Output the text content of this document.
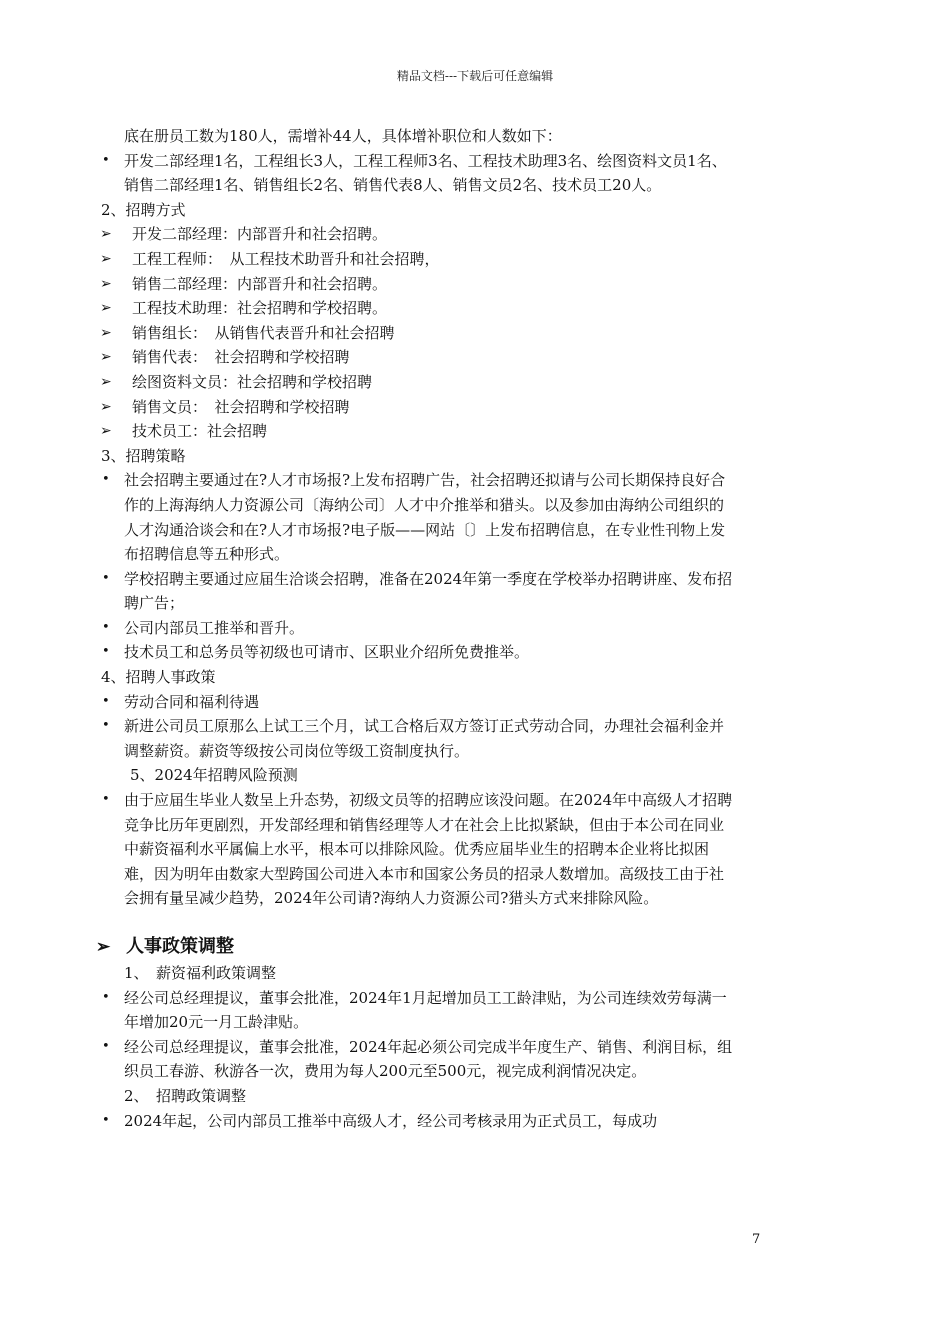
精品文档---下载后可任意编辑
底在册员工数为180人，需增补44人，具体增补职位和人数如下：
• 开发二部经理1名，工程组长3人，工程工程师3名、工程技术助理3名、绘图资料文员1名、销售二部经理1名、销售组长2名、销售代表8人、销售文员2名、技术员工20人。
2、招聘方式
➢	开发二部经理：内部晋升和社会招聘。
➢	工程工程师：　从工程技术助晋升和社会招聘，
➢	销售二部经理：内部晋升和社会招聘。
➢	工程技术助理：社会招聘和学校招聘。
➢	销售组长：　从销售代表晋升和社会招聘
➢	销售代表：　社会招聘和学校招聘
➢	绘图资料文员：社会招聘和学校招聘
➢	销售文员：　社会招聘和学校招聘
➢	技术员工：社会招聘
3、招聘策略
• 社会招聘主要通过在?人才市场报?上发布招聘广告，社会招聘还拟请与公司长期保持良好合作的上海海纳人力资源公司〔海纳公司〕人才中介推举和猎头。以及参加由海纳公司组织的人才沟通洽谈会和在?人才市场报?电子版——网站〔〕上发布招聘信息，在专业性刊物上发布招聘信息等五种形式。
• 学校招聘主要通过应届生洽谈会招聘，准备在2024年第一季度在学校举办招聘讲座、发布招聘广告；
• 公司内部员工推举和晋升。
• 技术员工和总务员等初级也可请市、区职业介绍所免费推举。
4、招聘人事政策
• 劳动合同和福利待遇
• 新进公司员工原那么上试工三个月，试工合格后双方签订正式劳动合同，办理社会福利金并调整薪资。薪资等级按公司岗位等级工资制度执行。
5、2024年招聘风险预测
• 由于应届生毕业人数呈上升态势，初级文员等的招聘应该没问题。在2024年中高级人才招聘竞争比历年更剧烈，开发部经理和销售经理等人才在社会上比拟紧缺，但由于本公司在同业中薪资福利水平属偏上水平，根本可以排除风险。优秀应届毕业生的招聘本企业将比拟困难，因为明年由数家大型跨国公司进入本市和国家公务员的招录人数增加。高级技工由于社会拥有量呈减少趋势，2024年公司请?海纳人力资源公司?猎头方式来排除风险。
➢ 人事政策调整
1、　薪资福利政策调整
• 经公司总经理提议，董事会批准，2024年1月起增加员工工龄津贴，为公司连续效劳每满一年增加20元一月工龄津贴。
• 经公司总经理提议，董事会批准，2024年起必须公司完成半年度生产、销售、利润目标，组织员工春游、秋游各一次，费用为每人200元至500元，视完成利润情况决定。
2、　招聘政策调整
• 2024年起，公司内部员工推举中高级人才，经公司考核录用为正式员工，每成功
7
